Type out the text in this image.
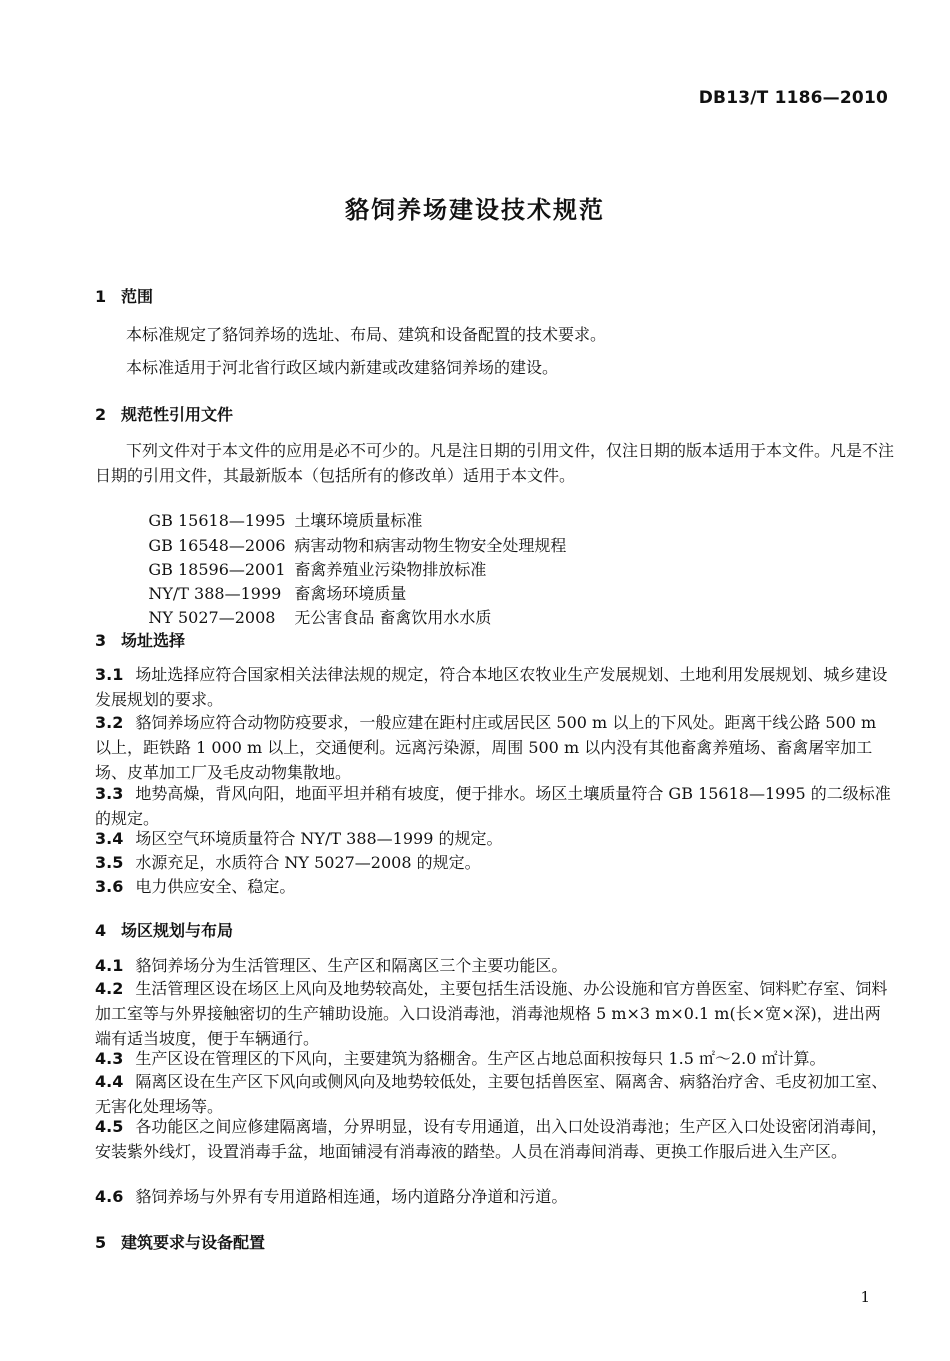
DB13/T 1186—2010
貉饲养场建设技术规范
1 范围
本标准规定了貉饲养场的选址、布局、建筑和设备配置的技术要求。
本标准适用于河北省行政区域内新建或改建貉饲养场的建设。
2 规范性引用文件
下列文件对于本文件的应用是必不可少的。凡是注日期的引用文件，仅注日期的版本适用于本文件。凡是不注日期的引用文件，其最新版本（包括所有的修改单）适用于本文件。

GB 15618—1995 土壤环境质量标准

GB 16548—2006 病害动物和病害动物生物安全处理规程

GB 18596—2001 畜禽养殖业污染物排放标准

NY/T 388—1999 畜禽场环境质量

NY 5027—2008 无公害食品 畜禽饮用水水质

3 场址选择
3.1 场址选择应符合国家相关法律法规的规定，符合本地区农牧业生产发展规划、土地利用发展规划、城乡建设发展规划的要求。
3.2 貉饲养场应符合动物防疫要求，一般应建在距村庄或居民区 500 m 以上的下风处。距离干线公路 500 m 以上，距铁路 1 000 m 以上，交通便利。远离污染源，周围 500 m 以内没有其他畜禽养殖场、畜禽屠宰加工场、皮革加工厂及毛皮动物集散地。
3.3 地势高燥，背风向阳，地面平坦并稍有坡度，便于排水。场区土壤质量符合 GB 15618—1995 的二级标准的规定。
3.4 场区空气环境质量符合 NY/T 388—1999 的规定。
3.5 水源充足，水质符合 NY 5027—2008 的规定。
3.6 电力供应安全、稳定。
4 场区规划与布局
4.1 貉饲养场分为生活管理区、生产区和隔离区三个主要功能区。
4.2 生活管理区设在场区上风向及地势较高处，主要包括生活设施、办公设施和官方兽医室、饲料贮存室、饲料加工室等与外界接触密切的生产辅助设施。入口设消毒池，消毒池规格 5 m×3 m×0.1 m(长×宽×深)，进出两端有适当坡度，便于车辆通行。
4.3 生产区设在管理区的下风向，主要建筑为貉棚舍。生产区占地总面积按每只 1.5 ㎡～2.0 ㎡计算。
4.4 隔离区设在生产区下风向或侧风向及地势较低处，主要包括兽医室、隔离舍、病貉治疗舍、毛皮初加工室、无害化处理场等。
4.5 各功能区之间应修建隔离墙，分界明显，设有专用通道，出入口处设消毒池；生产区入口处设密闭消毒间，安装紫外线灯，设置消毒手盆，地面铺浸有消毒液的踏垫。人员在消毒间消毒、更换工作服后进入生产区。
4.6 貉饲养场与外界有专用道路相连通，场内道路分净道和污道。
5 建筑要求与设备配置
1
